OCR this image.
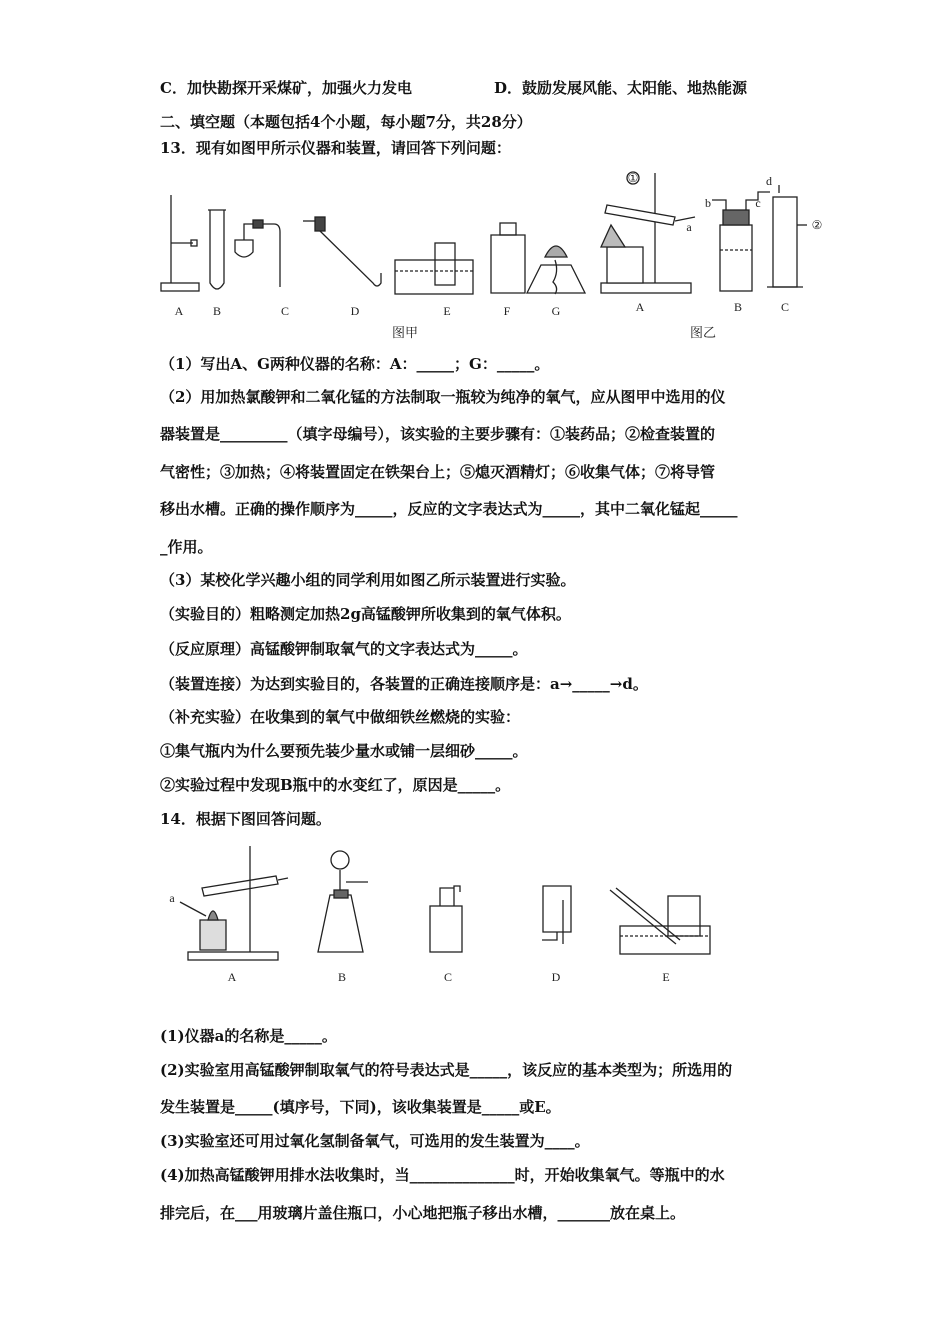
C．加快勘探开采煤矿，加强火力发电	D．鼓励发展风能、太阳能、地热能源
二、填空题（本题包括4个小题，每小题7分，共28分）
13．现有如图甲所示仪器和装置，请回答下列问题：
A B	C	D	E	F	G
图甲
A	B	C
图乙
①
②
a
b	c
d
（1）写出A、G两种仪器的名称：A：_____；G：_____。
（2）用加热氯酸钾和二氧化锰的方法制取一瓶较为纯净的氧气，应从图甲中选用的仪
器装置是_________（填字母编号），该实验的主要步骤有：①装药品；②检查装置的
气密性；③加热；④将装置固定在铁架台上；⑤熄灭酒精灯；⑥收集气体；⑦将导管
移出水槽。正确的操作顺序为_____，反应的文字表达式为_____，其中二氧化锰起_____
_作用。
（3）某校化学兴趣小组的同学利用如图乙所示装置进行实验。
（实验目的）粗略测定加热2g高锰酸钾所收集到的氧气体积。
（反应原理）高锰酸钾制取氧气的文字表达式为_____。
（装置连接）为达到实验目的，各装置的正确连接顺序是：a→_____→d。
（补充实验）在收集到的氧气中做细铁丝燃烧的实验：
①集气瓶内为什么要预先装少量水或铺一层细砂_____。
②实验过程中发现B瓶中的水变红了，原因是_____。
14．根据下图回答问题。
A	B	C	D	E
a
(1)仪器a的名称是_____。
(2)实验室用高锰酸钾制取氧气的符号表达式是_____，该反应的基本类型为；所选用的
发生装置是_____(填序号，下同)，该收集装置是_____或E。
(3)实验室还可用过氧化氢制备氧气，可选用的发生装置为____。
(4)加热高锰酸钾用排水法收集时，当______________时，开始收集氧气。等瓶中的水
排完后，在___用玻璃片盖住瓶口，小心地把瓶子移出水槽，_______放在桌上。
